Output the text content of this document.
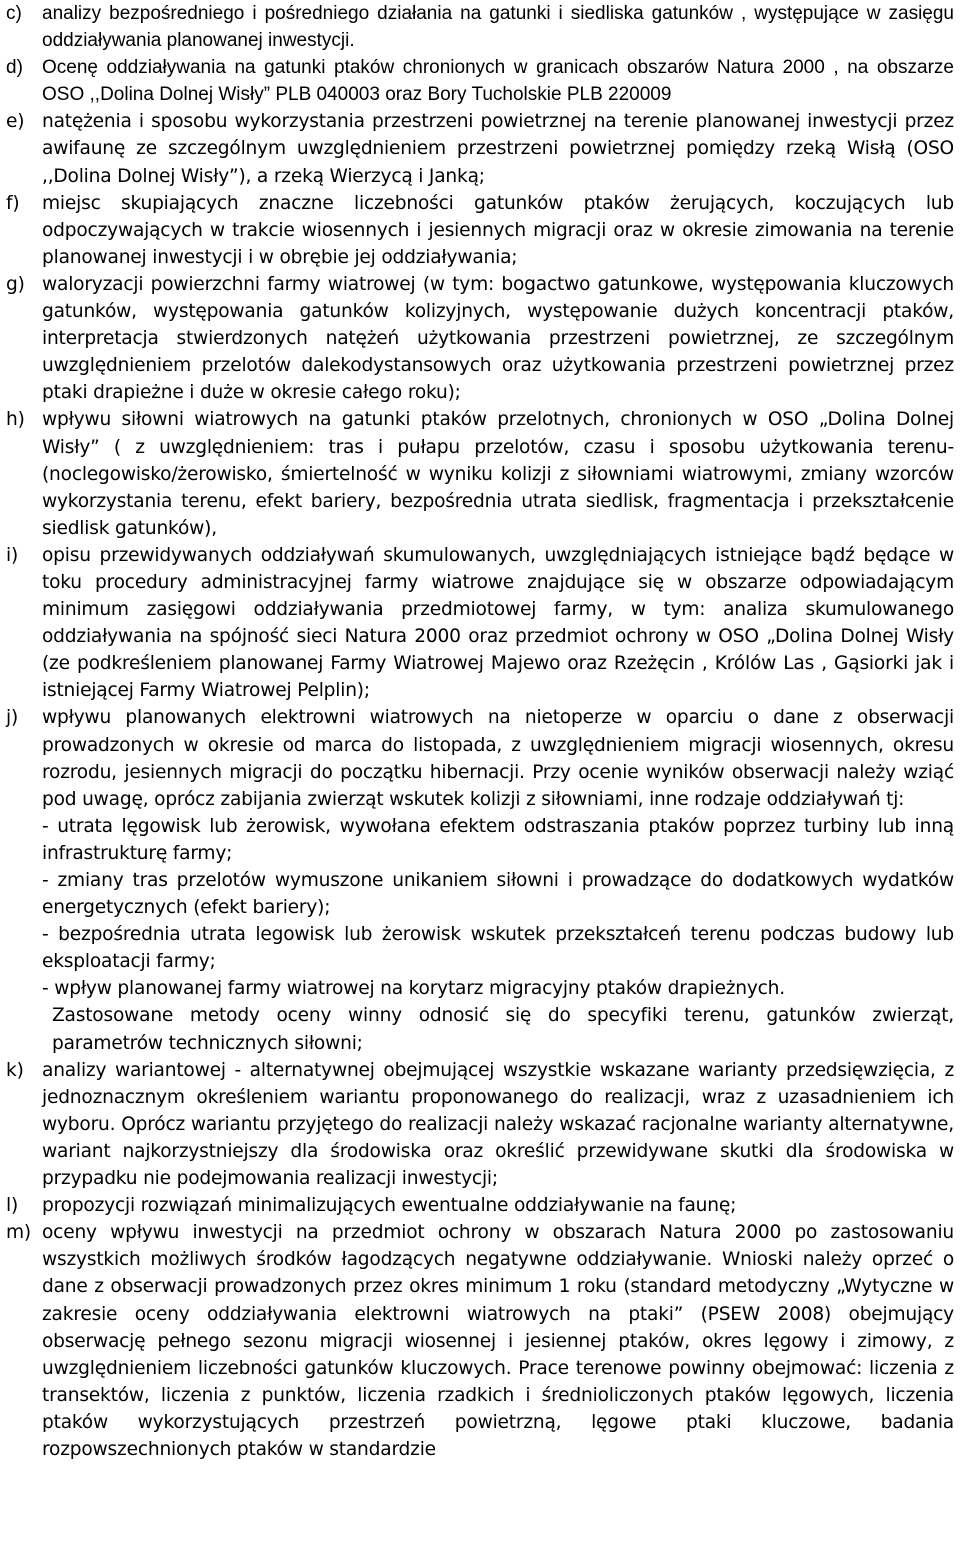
c) analizy bezpośredniego i pośredniego działania na gatunki i siedliska gatunków , występujące w zasięgu oddziaływania planowanej inwestycji.

d) Ocenę oddziaływania na gatunki ptaków chronionych w granicach obszarów Natura 2000 , na obszarze OSO ,,Dolina Dolnej Wisły” PLB 040003 oraz Bory Tucholskie PLB 220009

e) natężenia i sposobu wykorzystania przestrzeni powietrznej na terenie planowanej inwestycji przez awifaunę ze szczególnym uwzględnieniem przestrzeni powietrznej pomiędzy rzeką Wisłą (OSO ,,Dolina Dolnej Wisły”), a rzeką Wierzycą i Janką;

f) miejsc skupiających znaczne liczebności gatunków ptaków żerujących, koczujących lub odpoczywających w trakcie wiosennych i jesiennych migracji oraz w okresie zimowania na terenie planowanej inwestycji i w obrębie jej oddziaływania;

g) waloryzacji powierzchni farmy wiatrowej (w tym: bogactwo gatunkowe, występowania kluczowych gatunków, występowania gatunków kolizyjnych, występowanie dużych koncentracji ptaków, interpretacja stwierdzonych natężeń użytkowania przestrzeni powietrznej, ze szczególnym uwzględnieniem przelotów dalekodystansowych oraz użytkowania przestrzeni powietrznej przez ptaki drapieżne i duże w okresie całego roku);

h) wpływu siłowni wiatrowych na gatunki ptaków przelotnych, chronionych w OSO „Dolina Dolnej Wisły” ( z uwzględnieniem: tras i pułapu przelotów, czasu i sposobu użytkowania terenu- (noclegowisko/żerowisko, śmiertelność w wyniku kolizji z siłowniami wiatrowymi, zmiany wzorców wykorzystania terenu, efekt bariery, bezpośrednia utrata siedlisk, fragmentacja i przekształcenie siedlisk gatunków),

i) opisu przewidywanych oddziaływań skumulowanych, uwzględniających istniejące bądź będące w toku procedury administracyjnej farmy wiatrowe znajdujące się w obszarze odpowiadającym minimum zasięgowi oddziaływania przedmiotowej farmy, w tym: analiza skumulowanego oddziaływania na spójność sieci Natura 2000 oraz przedmiot ochrony w OSO „Dolina Dolnej Wisły (ze podkreśleniem planowanej Farmy Wiatrowej Majewo oraz Rzeżęcin , Królów Las , Gąsiorki jak i istniejącej Farmy Wiatrowej Pelplin);

j) wpływu planowanych elektrowni wiatrowych na nietoperze w oparciu o dane z obserwacji prowadzonych w okresie od marca do listopada, z uwzględnieniem migracji wiosennych, okresu rozrodu, jesiennych migracji do początku hibernacji. Przy ocenie wyników obserwacji należy wziąć pod uwagę, oprócz zabijania zwierząt wskutek kolizji z siłowniami, inne rodzaje oddziaływań tj:

- utrata lęgowisk lub żerowisk, wywołana efektem odstraszania ptaków poprzez turbiny lub inną infrastrukturę farmy;

- zmiany tras przelotów wymuszone unikaniem siłowni i prowadzące do dodatkowych wydatków energetycznych (efekt bariery);

- bezpośrednia utrata legowisk lub żerowisk wskutek przekształceń terenu podczas budowy lub eksploatacji farmy;

- wpływ planowanej farmy wiatrowej na korytarz migracyjny ptaków drapieżnych.

Zastosowane metody oceny winny odnosić się do specyfiki terenu, gatunków zwierząt, parametrów technicznych siłowni;

k) analizy wariantowej - alternatywnej obejmującej wszystkie wskazane warianty przedsięwzięcia, z jednoznacznym określeniem wariantu proponowanego do realizacji, wraz z uzasadnieniem ich wyboru. Oprócz wariantu przyjętego do realizacji należy wskazać racjonalne warianty alternatywne, wariant najkorzystniejszy dla środowiska oraz określić przewidywane skutki dla środowiska w przypadku nie podejmowania realizacji inwestycji;

l) propozycji rozwiązań minimalizujących ewentualne oddziaływanie na faunę;

m) oceny wpływu inwestycji na przedmiot ochrony w obszarach Natura 2000 po zastosowaniu wszystkich możliwych środków łagodzących negatywne oddziaływanie. Wnioski należy oprzeć o dane z obserwacji prowadzonych przez okres minimum 1 roku (standard metodyczny „Wytyczne w zakresie oceny oddziaływania elektrowni wiatrowych na ptaki” (PSEW 2008) obejmujący obserwację pełnego sezonu migracji wiosennej i jesiennej ptaków, okres lęgowy i zimowy, z uwzględnieniem liczebności gatunków kluczowych. Prace terenowe powinny obejmować: liczenia z transektów, liczenia z punktów, liczenia rzadkich i średnioliczonych ptaków lęgowych, liczenia ptaków wykorzystujących przestrzeń powietrzną, lęgowe ptaki kluczowe, badania rozpowszechnionych ptaków w standardzie
